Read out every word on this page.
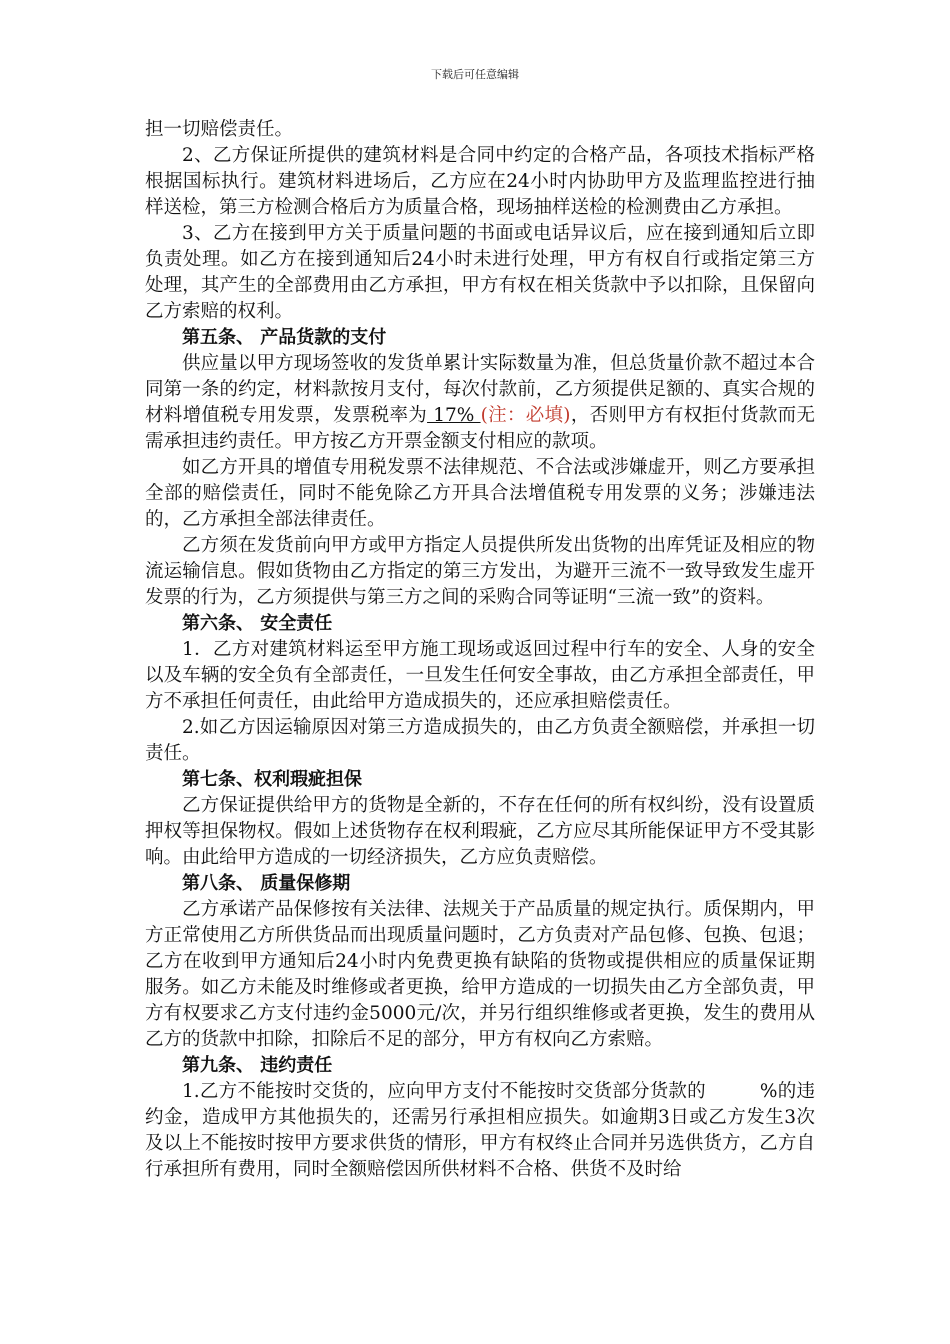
下载后可任意编辑

担一切赔偿责任。

2、乙方保证所提供的建筑材料是合同中约定的合格产品，各项技术指标严格根据国标执行。建筑材料进场后，乙方应在24小时内协助甲方及监理监控进行抽样送检，第三方检测合格后方为质量合格，现场抽样送检的检测费由乙方承担。

3、乙方在接到甲方关于质量问题的书面或电话异议后，应在接到通知后立即负责处理。如乙方在接到通知后24小时未进行处理，甲方有权自行或指定第三方处理，其产生的全部费用由乙方承担，甲方有权在相关货款中予以扣除，且保留向乙方索赔的权利。

第五条、 产品货款的支付

供应量以甲方现场签收的发货单累计实际数量为准，但总货量价款不超过本合同第一条的约定，材料款按月支付，每次付款前，乙方须提供足额的、真实合规的材料增值税专用发票，发票税率为 17% (注：必填)，否则甲方有权拒付货款而无需承担违约责任。甲方按乙方开票金额支付相应的款项。

如乙方开具的增值专用税发票不法律规范、不合法或涉嫌虚开，则乙方要承担全部的赔偿责任，同时不能免除乙方开具合法增值税专用发票的义务；涉嫌违法的，乙方承担全部法律责任。

乙方须在发货前向甲方或甲方指定人员提供所发出货物的出库凭证及相应的物流运输信息。假如货物由乙方指定的第三方发出，为避开三流不一致导致发生虚开发票的行为，乙方须提供与第三方之间的采购合同等证明“三流一致”的资料。

第六条、 安全责任

1．乙方对建筑材料运至甲方施工现场或返回过程中行车的安全、人身的安全以及车辆的安全负有全部责任，一旦发生任何安全事故，由乙方承担全部责任，甲方不承担任何责任，由此给甲方造成损失的，还应承担赔偿责任。

2.如乙方因运输原因对第三方造成损失的，由乙方负责全额赔偿，并承担一切责任。

第七条、权利瑕疵担保

乙方保证提供给甲方的货物是全新的，不存在任何的所有权纠纷，没有设置质押权等担保物权。假如上述货物存在权利瑕疵，乙方应尽其所能保证甲方不受其影响。由此给甲方造成的一切经济损失，乙方应负责赔偿。

第八条、 质量保修期

乙方承诺产品保修按有关法律、法规关于产品质量的规定执行。质保期内，甲方正常使用乙方所供货品而出现质量问题时，乙方负责对产品包修、包换、包退；乙方在收到甲方通知后24小时内免费更换有缺陷的货物或提供相应的质量保证期服务。如乙方未能及时维修或者更换，给甲方造成的一切损失由乙方全部负责，甲方有权要求乙方支付违约金5000元/次，并另行组织维修或者更换，发生的费用从乙方的货款中扣除，扣除后不足的部分，甲方有权向乙方索赔。

第九条、 违约责任

1.乙方不能按时交货的，应向甲方支付不能按时交货部分货款的	%的违约金，造成甲方其他损失的，还需另行承担相应损失。如逾期3日或乙方发生3次及以上不能按时按甲方要求供货的情形，甲方有权终止合同并另选供货方，乙方自行承担所有费用，同时全额赔偿因所供材料不合格、供货不及时给
